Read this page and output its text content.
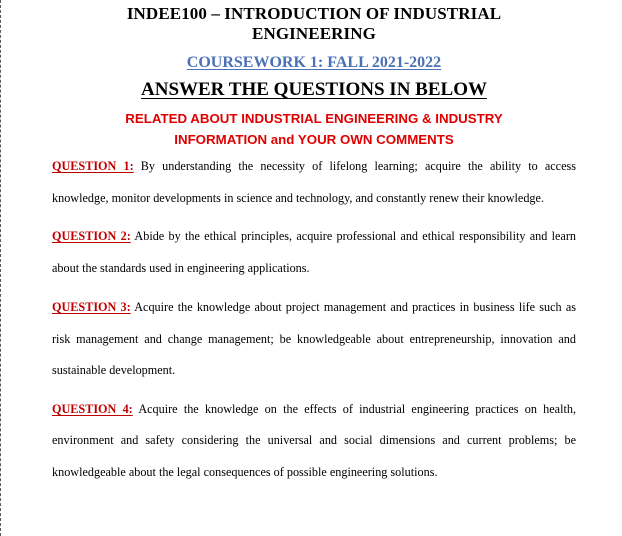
INDEE100 – INTRODUCTION OF INDUSTRIAL
ENGINEERING
COURSEWORK 1: FALL 2021-2022
ANSWER THE QUESTIONS IN BELOW
RELATED ABOUT INDUSTRIAL ENGINEERING & INDUSTRY
INFORMATION and YOUR OWN COMMENTS

QUESTION 1: By understanding the necessity of lifelong learning; acquire the ability to access knowledge, monitor developments in science and technology, and constantly renew their knowledge.

QUESTION 2: Abide by the ethical principles, acquire professional and ethical responsibility and learn about the standards used in engineering applications.

QUESTION 3: Acquire the knowledge about project management and practices in business life such as risk management and change management; be knowledgeable about entrepreneurship, innovation and sustainable development.

QUESTION 4: Acquire the knowledge on the effects of industrial engineering practices on health, environment and safety considering the universal and social dimensions and current problems; be knowledgeable about the legal consequences of possible engineering solutions.
